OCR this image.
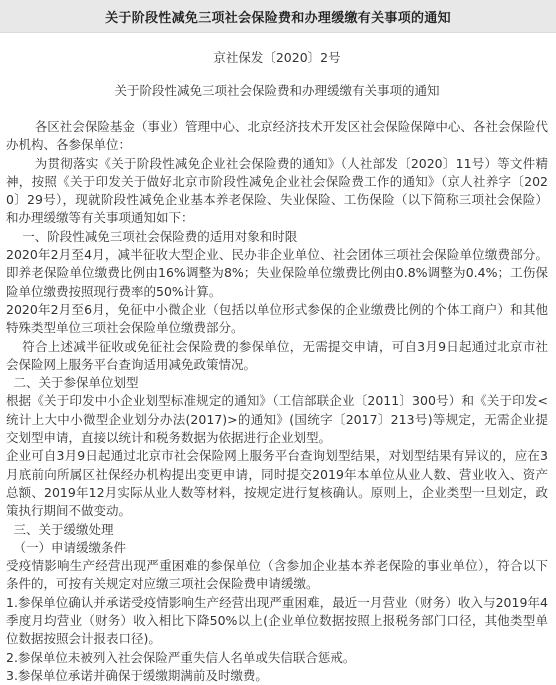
关于阶段性减免三项社会保险费和办理缓缴有关事项的通知
京社保发〔2020〕2号
关于阶段性减免三项社会保险费和办理缓缴有关事项的通知

各区社会保险基金（事业）管理中心、北京经济技术开发区社会保险保障中心、各社会保险代办机构、各参保单位：

为贯彻落实《关于阶段性减免企业社会保险费的通知》（人社部发〔2020〕11号）等文件精神，按照《关于印发关于做好北京市阶段性减免企业社会保险费工作的通知》（京人社养字〔2020〕29号），现就阶段性减免企业基本养老保险、失业保险、工伤保险（以下简称三项社会保险）和办理缓缴等有关事项通知如下：

一、阶段性减免三项社会保险费的适用对象和时限

2020年2月至4月，减半征收大型企业、民办非企业单位、社会团体三项社会保险单位缴费部分。即养老保险单位缴费比例由16%调整为8%；失业保险单位缴费比例由0.8%调整为0.4%；工伤保险单位缴费按照现行费率的50%计算。

2020年2月至6月，免征中小微企业（包括以单位形式参保的企业缴费比例的个体工商户）和其他特殊类型单位三项社会保险单位缴费部分。

符合上述减半征收或免征社会保险费的参保单位，无需提交申请，可自3月9日起通过北京市社会保险网上服务平台查询适用减免政策情况。

二、关于参保单位划型

根据《关于印发中小企业划型标准规定的通知》（工信部联企业〔2011〕300号）和《关于印发<统计上大中小微型企业划分办法(2017)>的通知》(国统字〔2017〕213号)等规定，无需企业提交划型申请，直接以统计和税务数据为依据进行企业划型。

企业可自3月9日起通过北京市社会保险网上服务平台查询划型结果，对划型结果有异议的，应在3月底前向所属区社保经办机构提出变更申请，同时提交2019年本单位从业人数、营业收入、资产总额、2019年12月实际从业人数等材料，按规定进行复核确认。原则上，企业类型一旦划定，政策执行期间不做变动。

三、关于缓缴处理

（一）申请缓缴条件

受疫情影响生产经营出现严重困难的参保单位（含参加企业基本养老保险的事业单位），符合以下条件的，可按有关规定对应缴三项社会保险费申请缓缴。

1.参保单位确认并承诺受疫情影响生产经营出现严重困难，最近一月营业（财务）收入与2019年4季度月均营业（财务）收入相比下降50%以上(企业单位数据按照上报税务部门口径，其他类型单位数据按照会计报表口径)。

2.参保单位未被列入社会保险严重失信人名单或失信联合惩戒。

3.参保单位承诺并确保于缓缴期满前及时缴费。
